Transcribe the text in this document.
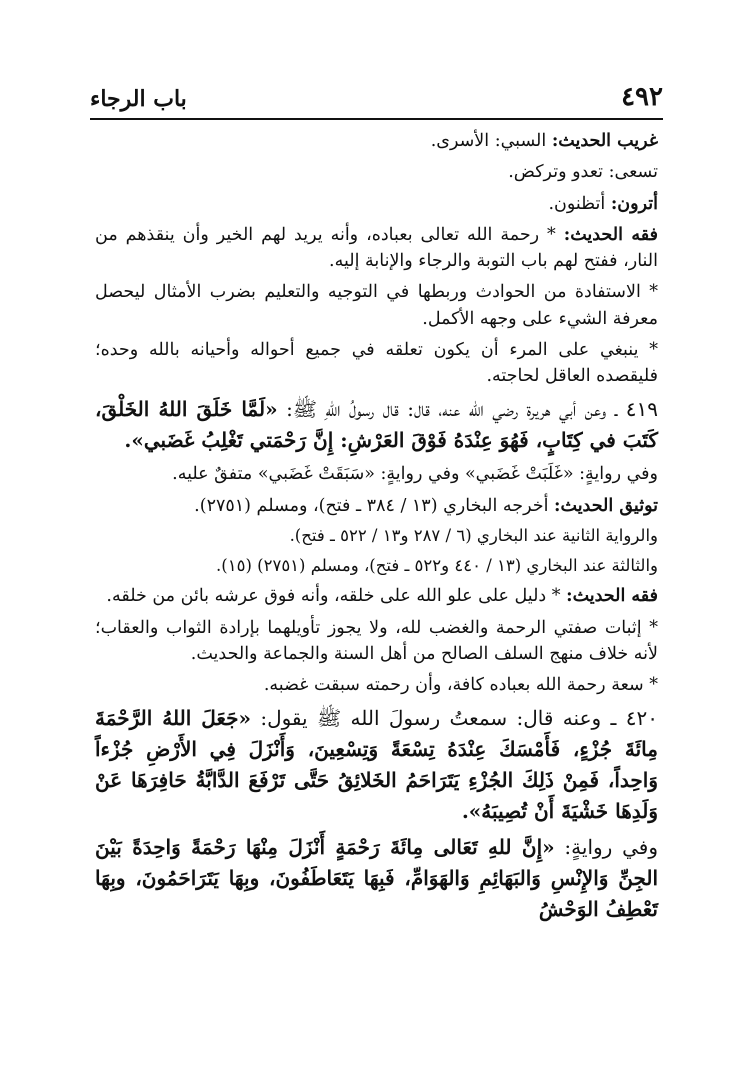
٤٩٢
باب الرجاء

غريب الحديث: السبي: الأسرى.

تسعى: تعدو وتركض.

أترون: أتظنون.

فقه الحديث: * رحمة الله تعالى بعباده، وأنه يريد لهم الخير وأن ينقذهم من النار، ففتح لهم باب التوبة والرجاء والإنابة إليه.

* الاستفادة من الحوادث وربطها في التوجيه والتعليم بضرب الأمثال ليحصل معرفة الشيء على وجهه الأكمل.

* ينبغي على المرء أن يكون تعلقه في جميع أحواله وأحيانه بالله وحده؛ فليقصده العاقل لحاجته.

٤١٩ ـ وعن أبي هريرة رضي الله عنه، قال: قال رسولُ اللهِ ﷺ: «لَمَّا خَلَقَ اللهُ الخَلْقَ، كَتَبَ في كِتَابٍ، فَهُوَ عِنْدَهُ فَوْقَ العَرْشِ: إِنَّ رَحْمَتي تَغْلِبُ غَضَبي».

وفي روايةٍ: «غَلَبَتْ غَضَبي» وفي روايةٍ: «سَبَقَتْ غَضَبي» متفقٌ عليه.

توثيق الحديث: أخرجه البخاري (١٣ / ٣٨٤ ـ فتح)، ومسلم (٢٧٥١).

والرواية الثانية عند البخاري (٦ / ٢٨٧ و١٣ / ٥٢٢ ـ فتح).

والثالثة عند البخاري (١٣ / ٤٤٠ و٥٢٢ ـ فتح)، ومسلم (٢٧٥١) (١٥).

فقه الحديث: * دليل على علو الله على خلقه، وأنه فوق عرشه بائن من خلقه.

* إثبات صفتي الرحمة والغضب لله، ولا يجوز تأويلهما بإرادة الثواب والعقاب؛ لأنه خلاف منهج السلف الصالح من أهل السنة والجماعة والحديث.

* سعة رحمة الله بعباده كافة، وأن رحمته سبقت غضبه.

٤٢٠ ـ وعنه قال: سمعتُ رسولَ الله ﷺ يقول: «جَعَلَ اللهُ الرَّحْمَةَ مِائَةَ جُزْءٍ، فَأَمْسَكَ عِنْدَهُ تِسْعَةً وَتِسْعِينَ، وَأَنْزَلَ فِي الأَرْضِ جُزْءاً وَاحِداً، فَمِنْ ذَلِكَ الجُزْءِ يَتَرَاحَمُ الخَلائِقُ حَتَّى تَرْفَعَ الدَّابَّةُ حَافِرَهَا عَنْ وَلَدِهَا خَشْيَةَ أَنْ تُصِيبَهُ».

وفي روايةٍ: «إِنَّ للهِ تَعَالى مِائَةَ رَحْمَةٍ أَنْزَلَ مِنْهَا رَحْمَةً وَاحِدَةً بَيْنَ الجِنِّ وَالإِنْسِ وَالبَهَائِمِ وَالهَوَامِّ، فَبِهَا يَتَعَاطَفُونَ، وبِهَا يَتَرَاحَمُونَ، وبِهَا تَعْطِفُ الوَحْشُ
